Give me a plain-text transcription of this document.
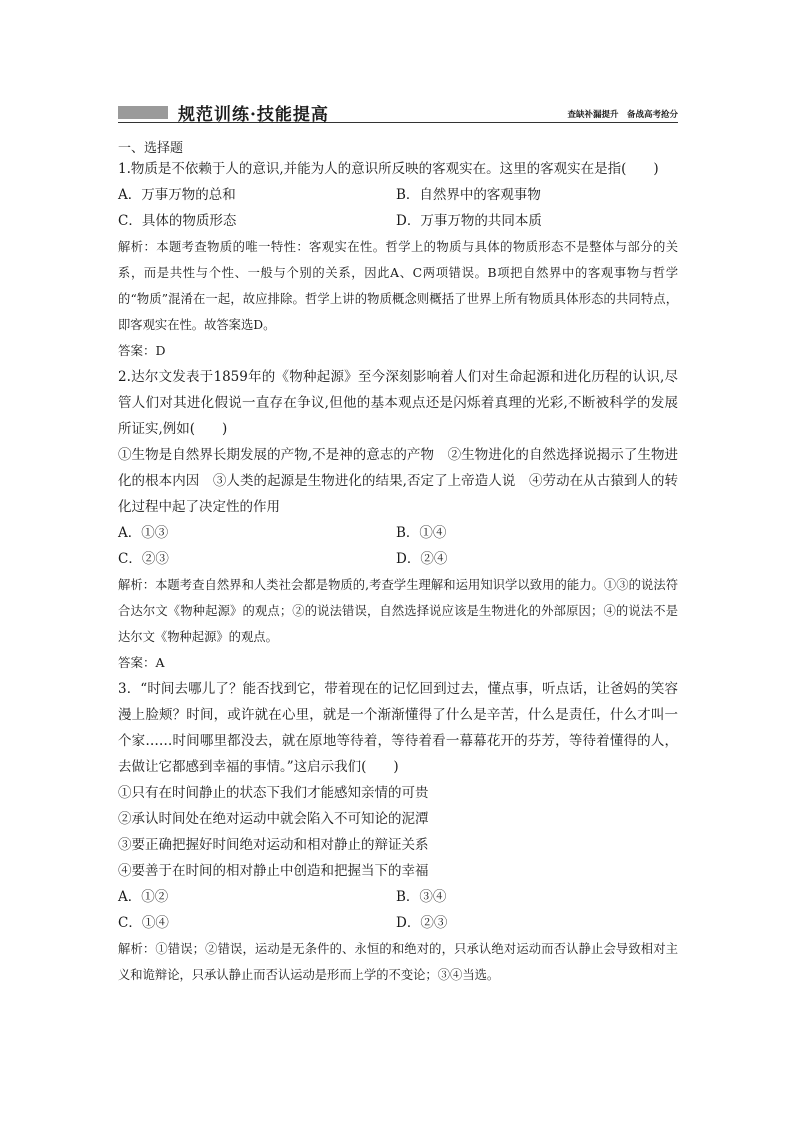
规范训练·技能提高	查缺补漏提升　备战高考抢分
一、选择题
1.物质是不依赖于人的意识,并能为人的意识所反映的客观实在。这里的客观实在是指(　　)
A．万事万物的总和	B．自然界中的客观事物
C．具体的物质形态	D．万事万物的共同本质
解析：本题考查物质的唯一特性：客观实在性。哲学上的物质与具体的物质形态不是整体与部分的关系，而是共性与个性、一般与个别的关系，因此A、C两项错误。B项把自然界中的客观事物与哲学的“物质”混淆在一起，故应排除。哲学上讲的物质概念则概括了世界上所有物质具体形态的共同特点，即客观实在性。故答案选D。
答案：D
2.达尔文发表于1859年的《物种起源》至今深刻影响着人们对生命起源和进化历程的认识,尽管人们对其进化假说一直存在争议,但他的基本观点还是闪烁着真理的光彩,不断被科学的发展所证实,例如(　　)
①生物是自然界长期发展的产物,不是神的意志的产物　②生物进化的自然选择说揭示了生物进化的根本内因　③人类的起源是生物进化的结果,否定了上帝造人说　④劳动在从古猿到人的转化过程中起了决定性的作用
A．①③	B．①④
C．②③	D．②④
解析：本题考查自然界和人类社会都是物质的,考查学生理解和运用知识学以致用的能力。①③的说法符合达尔文《物种起源》的观点；②的说法错误，自然选择说应该是生物进化的外部原因；④的说法不是达尔文《物种起源》的观点。
答案：A
3．“时间去哪儿了？能否找到它，带着现在的记忆回到过去，懂点事，听点话，让爸妈的笑容漫上脸颊？时间，或许就在心里，就是一个渐渐懂得了什么是辛苦，什么是责任，什么才叫一个家……时间哪里都没去，就在原地等待着，等待着看一幕幕花开的芬芳，等待着懂得的人，去做让它都感到幸福的事情。”这启示我们(　　)
①只有在时间静止的状态下我们才能感知亲情的可贵
②承认时间处在绝对运动中就会陷入不可知论的泥潭
③要正确把握好时间绝对运动和相对静止的辩证关系
④要善于在时间的相对静止中创造和把握当下的幸福
A．①②	B．③④
C．①④	D．②③
解析：①错误；②错误，运动是无条件的、永恒的和绝对的，只承认绝对运动而否认静止会导致相对主义和诡辩论，只承认静止而否认运动是形而上学的不变论；③④当选。
